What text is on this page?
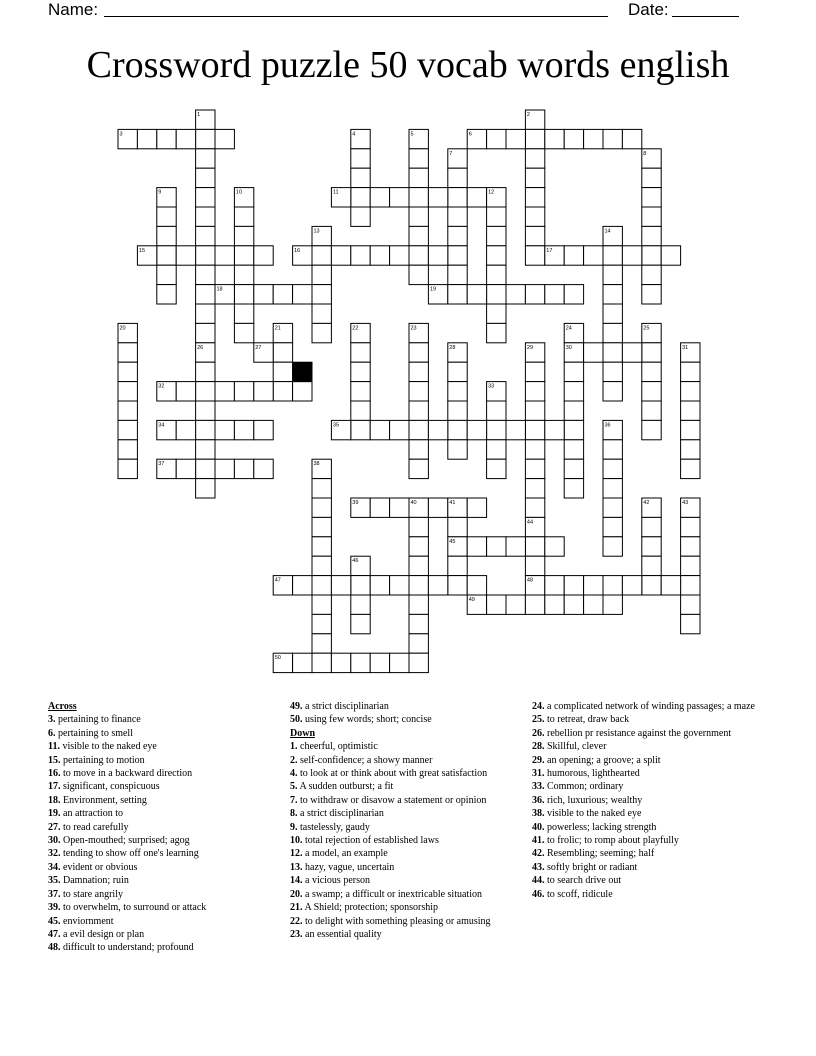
Name:	Date:
Crossword puzzle 50 vocab words english
1	2
3	4	5	6
7	8
9	10	11	12
13	14
15	16	17
18	19
20	21	22	23	24	25
26	27	28	29	30	31
32	33
34	35	36
37	38
39	40	41	42	43
44
45
46
47	48
49
50
Across
3. pertaining to finance
6. pertaining to smell
11. visible to the naked eye
15. pertaining to motion
16. to move in a backward direction
17. significant, conspicuous
18. Environment, setting
19. an attraction to
27. to read carefully
30. Open-mouthed; surprised; agog
32. tending to show off one's learning
34. evident or obvious
35. Damnation; ruin
37. to stare angrily
39. to overwhelm, to surround or attack
45. enviornment
47. a evil design or plan
48. difficult to understand; profound
49. a strict disciplinarian
50. using few words; short; concise
Down
1. cheerful, optimistic
2. self-confidence; a showy manner
4. to look at or think about with great satisfaction
5. A sudden outburst; a fit
7. to withdraw or disavow a statement or opinion
8. a strict disciplinarian
9. tastelessly, gaudy
10. total rejection of established laws
12. a model, an example
13. hazy, vague, uncertain
14. a vicious person
20. a swamp; a difficult or inextricable situation
21. A Shield; protection; sponsorship
22. to delight with something pleasing or amusing
23. an essential quality
24. a complicated network of winding passages; a maze
25. to retreat, draw back
26. rebellion pr resistance against the government
28. Skillful, clever
29. an opening; a groove; a split
31. humorous, lighthearted
33. Common; ordinary
36. rich, luxurious; wealthy
38. visible to the naked eye
40. powerless; lacking strength
41. to frolic; to romp about playfully
42. Resembling; seeming; half
43. softly bright or radiant
44. to search drive out
46. to scoff, ridicule
